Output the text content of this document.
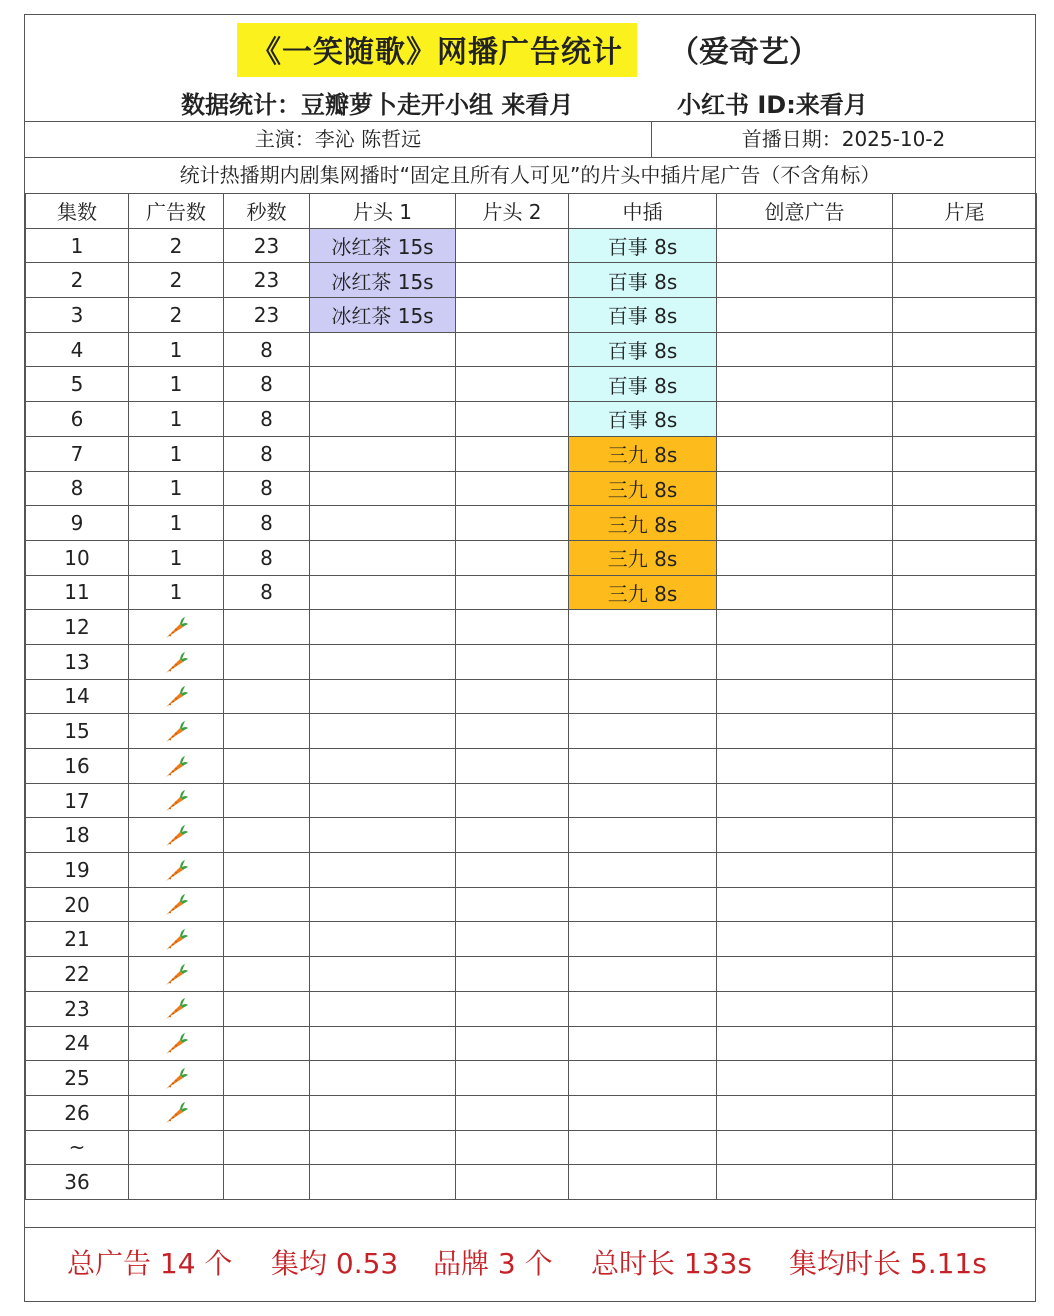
《一笑随歌》网播广告统计	（爱奇艺）
数据统计：豆瓣萝卜走开小组 来看月	小红书 ID:来看月
主演：李沁 陈哲远	首播日期：2025-10-2
统计热播期内剧集网播时“固定且所有人可见”的片头中插片尾广告（不含角标）
集数	广告数	秒数	片头 1	片头 2	中插	创意广告	片尾
1	2	23	冰红茶 15s		百事 8s		
2	2	23	冰红茶 15s		百事 8s		
3	2	23	冰红茶 15s		百事 8s		
4	1	8			百事 8s		
5	1	8			百事 8s		
6	1	8			百事 8s		
7	1	8			三九 8s		
8	1	8			三九 8s		
9	1	8			三九 8s		
10	1	8			三九 8s		
11	1	8			三九 8s		
12							
13							
14							
15							
16							
17							
18							
19							
20							
21							
22							
23							
24							
25							
26							
~							
36							
总广告 14 个 集均 0.53 品牌 3 个 总时长 133s 集均时长 5.11s
